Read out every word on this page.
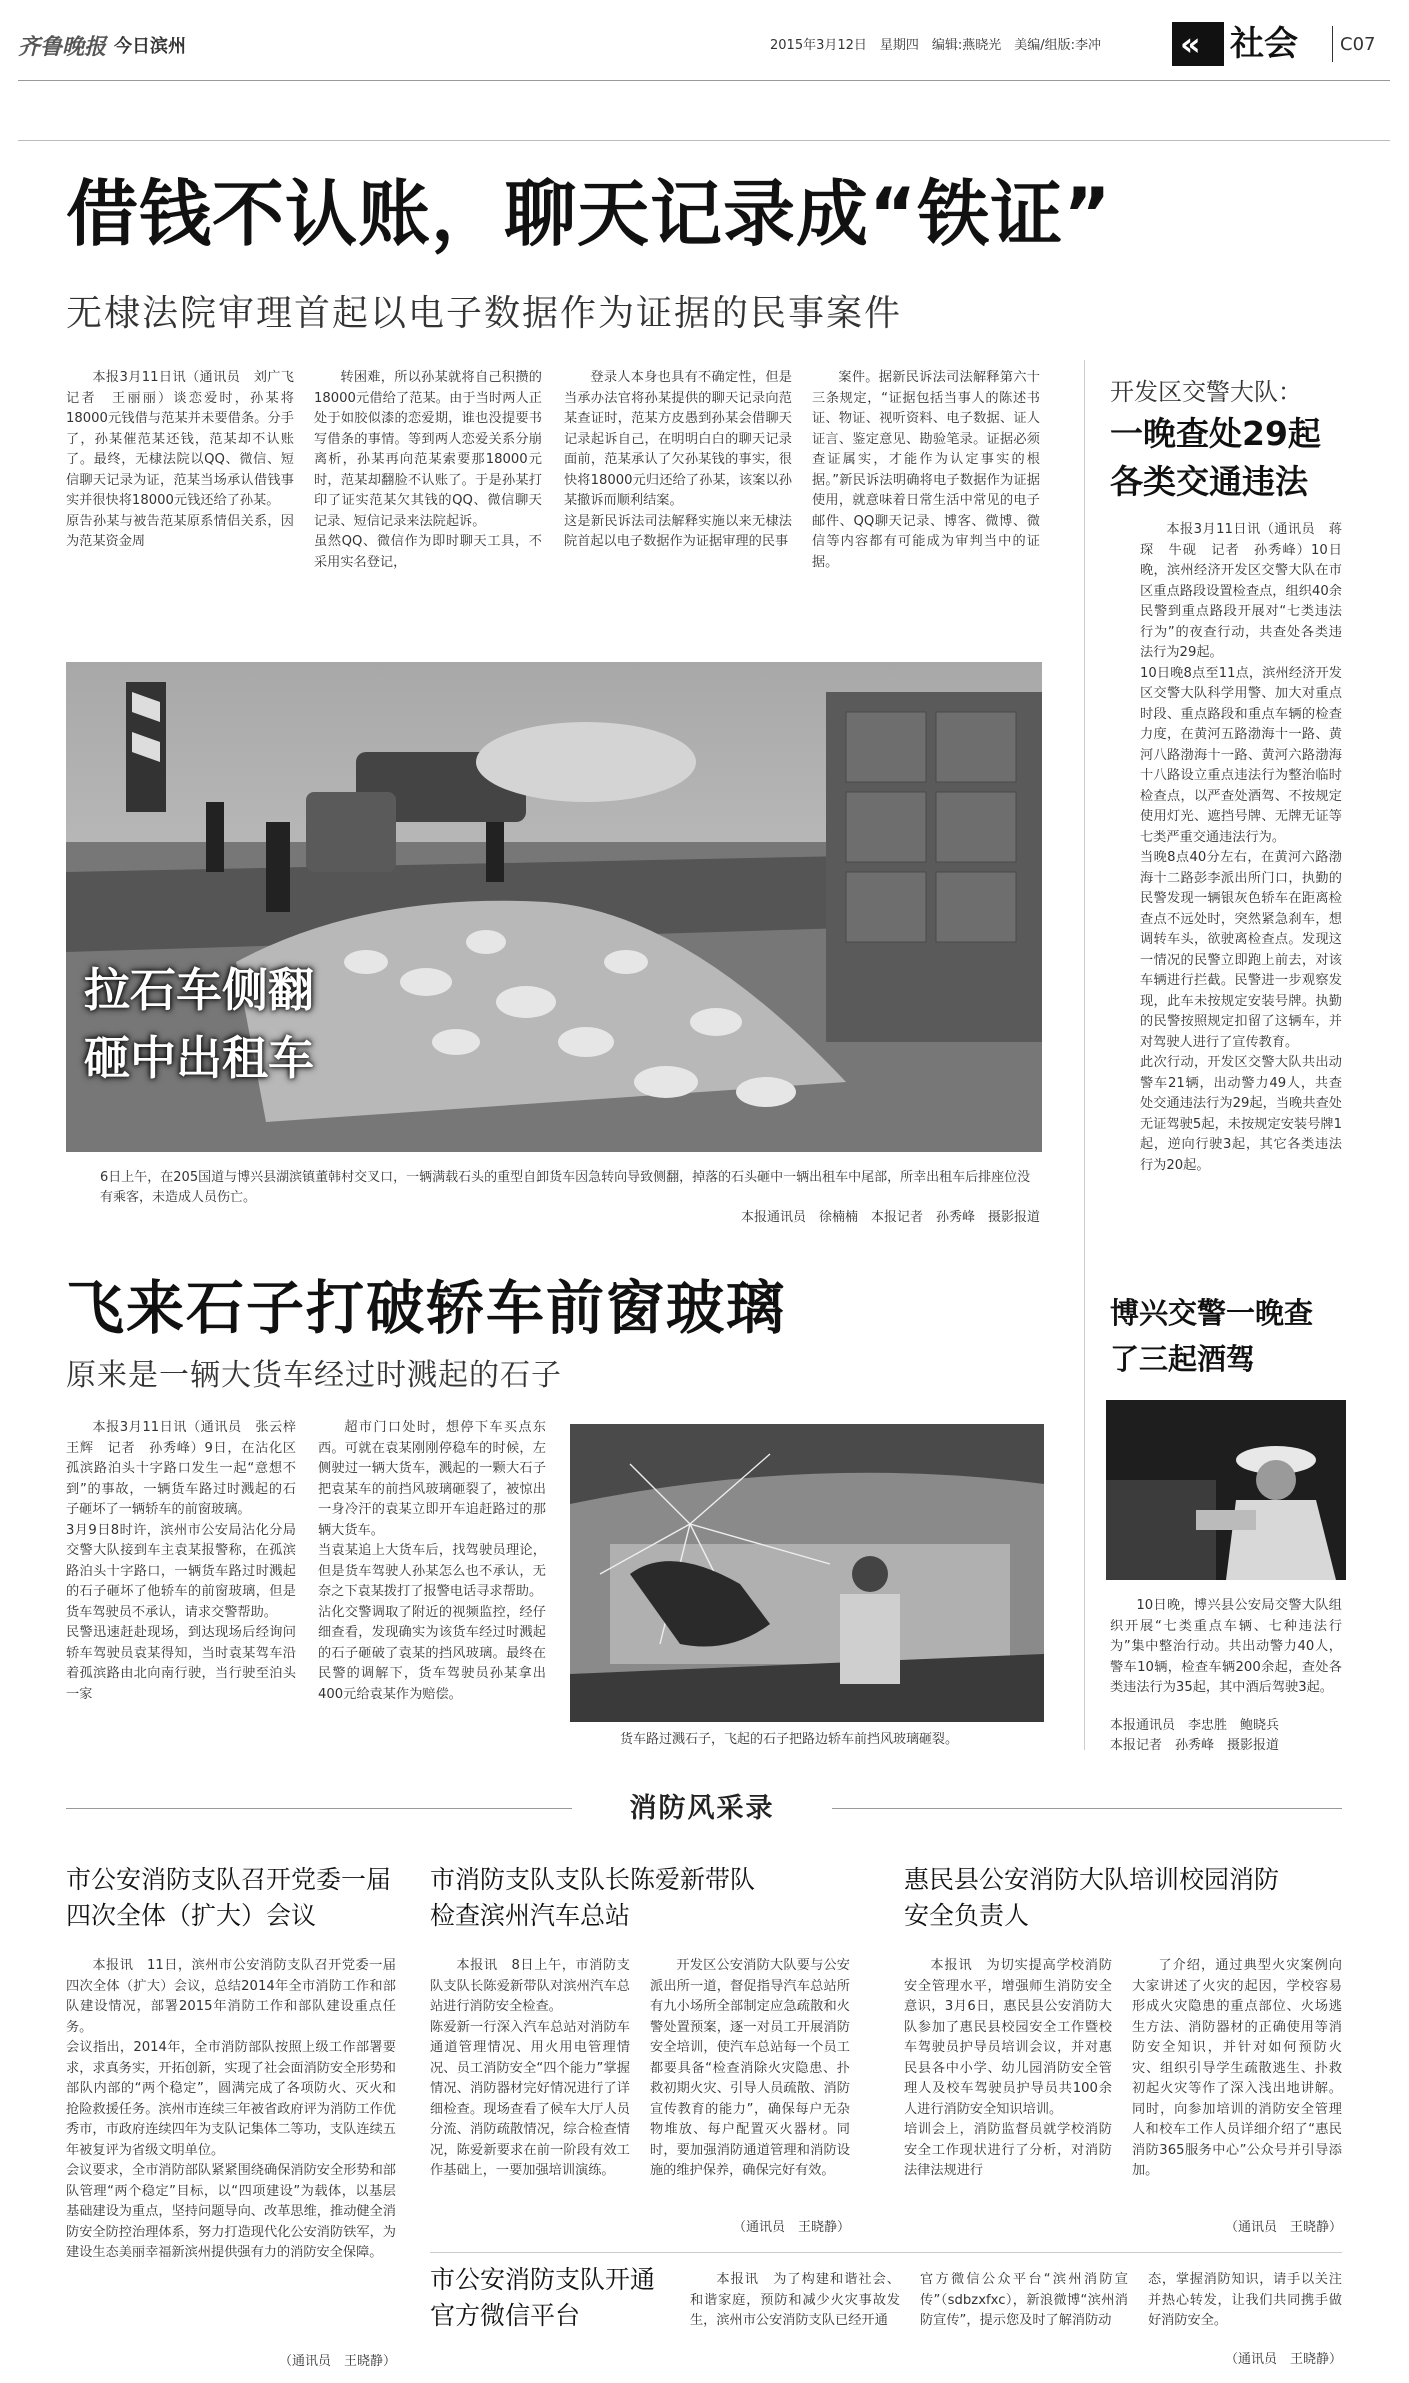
齐鲁晚报 今日滨州	2015年3月12日　星期四　编辑:燕晓光　美编/组版:李冲 « 社会 C07
借钱不认账，聊天记录成“铁证”
无棣法院审理首起以电子数据作为证据的民事案件
本报3月11日讯（通讯员　刘广飞　记者　王丽丽）谈恋爱时，孙某将18000元钱借与范某并未要借条。分手了，孙某催范某还钱，范某却不认账了。最终，无棣法院以QQ、微信、短信聊天记录为证，范某当场承认借钱事实并很快将18000元钱还给了孙某。
原告孙某与被告范某原系情侣关系，因为范某资金周
转困难，所以孙某就将自己积攒的18000元借给了范某。由于当时两人正处于如胶似漆的恋爱期，谁也没提要书写借条的事情。等到两人恋爱关系分崩离析，孙某再向范某索要那18000元时，范某却翻脸不认账了。于是孙某打印了证实范某欠其钱的QQ、微信聊天记录、短信记录来法院起诉。
虽然QQ、微信作为即时聊天工具，不采用实名登记，
登录人本身也具有不确定性，但是当承办法官将孙某提供的聊天记录向范某查证时，范某方皮愚到孙某会借聊天记录起诉自己，在明明白白的聊天记录面前，范某承认了欠孙某钱的事实，很快将18000元归还给了孙某，该案以孙某撤诉而顺利结案。
这是新民诉法司法解释实施以来无棣法院首起以电子数据作为证据审理的民事
案件。据新民诉法司法解释第六十三条规定，“证据包括当事人的陈述书证、物证、视听资料、电子数据、证人证言、鉴定意见、勘验笔录。证据必须查证属实，才能作为认定事实的根据。”新民诉法明确将电子数据作为证据使用，就意味着日常生活中常见的电子邮件、QQ聊天记录、博客、微博、微信等内容都有可能成为审判当中的证据。
开发区交警大队：
一晚查处29起各类交通违法
本报3月11日讯（通讯员　蒋琛　牛砚　记者　孙秀峰）10日晚，滨州经济开发区交警大队在市区重点路段设置检查点，组织40余民警到重点路段开展对“七类违法行为”的夜查行动，共查处各类违法行为29起。
10日晚8点至11点，滨州经济开发区交警大队科学用警、加大对重点时段、重点路段和重点车辆的检查力度，在黄河五路渤海十一路、黄河八路渤海十一路、黄河六路渤海十八路设立重点违法行为整治临时检查点，以严查处酒驾、不按规定使用灯光、遮挡号牌、无牌无证等七类严重交通违法行为。
当晚8点40分左右，在黄河六路渤海十二路彭李派出所门口，执勤的民警发现一辆银灰色轿车在距离检查点不远处时，突然紧急刹车，想调转车头，欲驶离检查点。发现这一情况的民警立即跑上前去，对该车辆进行拦截。民警进一步观察发现，此车未按规定安装号牌。执勤的民警按照规定扣留了这辆车，并对驾驶人进行了宣传教育。
此次行动，开发区交警大队共出动警车21辆，出动警力49人，共查处交通违法行为29起，当晚共查处无证驾驶5起，未按规定安装号牌1起，逆向行驶3起，其它各类违法行为20起。
拉石车侧翻
砸中出租车
6日上午，在205国道与博兴县湖滨镇董韩村交叉口，一辆满载石头的重型自卸货车因急转向导致侧翻，掉落的石头砸中一辆出租车中尾部，所幸出租车后排座位没有乘客，未造成人员伤亡。
本报通讯员　徐楠楠　本报记者　孙秀峰　摄影报道
飞来石子打破轿车前窗玻璃
原来是一辆大货车经过时溅起的石子
本报3月11日讯（通讯员　张云梓　王辉　记者　孙秀峰）9日，在沾化区孤滨路泊头十字路口发生一起“意想不到”的事故，一辆货车路过时溅起的石子砸坏了一辆轿车的前窗玻璃。
3月9日8时许，滨州市公安局沾化分局交警大队接到车主袁某报警称，在孤滨路泊头十字路口，一辆货车路过时溅起的石子砸坏了他轿车的前窗玻璃，但是货车驾驶员不承认，请求交警帮助。
民警迅速赶赴现场，到达现场后经询问轿车驾驶员袁某得知，当时袁某驾车沿着孤滨路由北向南行驶，当行驶至泊头一家
超市门口处时，想停下车买点东西。可就在袁某刚刚停稳车的时候，左侧驶过一辆大货车，溅起的一颗大石子把袁某车的前挡风玻璃砸裂了，被惊出一身冷汗的袁某立即开车追赶路过的那辆大货车。
当袁某追上大货车后，找驾驶员理论，但是货车驾驶人孙某怎么也不承认，无奈之下袁某拨打了报警电话寻求帮助。
沾化交警调取了附近的视频监控，经仔细查看，发现确实为该货车经过时溅起的石子砸破了袁某的挡风玻璃。最终在民警的调解下，货车驾驶员孙某拿出400元给袁某作为赔偿。
货车路过溅石子，飞起的石子把路边轿车前挡风玻璃砸裂。
博兴交警一晚查了三起酒驾
10日晚，博兴县公安局交警大队组织开展“七类重点车辆、七种违法行为”集中整治行动。共出动警力40人，警车10辆，检查车辆200余起，查处各类违法行为35起，其中酒后驾驶3起。
本报通讯员　李忠胜　鲍晓兵
本报记者　孙秀峰　摄影报道
消防风采录
市公安消防支队召开党委一届四次全体（扩大）会议
本报讯　11日，滨州市公安消防支队召开党委一届四次全体（扩大）会议，总结2014年全市消防工作和部队建设情况，部署2015年消防工作和部队建设重点任务。
会议指出，2014年，全市消防部队按照上级工作部署要求，求真务实，开拓创新，实现了社会面消防安全形势和部队内部的“两个稳定”，圆满完成了各项防火、灭火和抢险救援任务。滨州市连续三年被省政府评为消防工作优秀市，市政府连续四年为支队记集体二等功，支队连续五年被复评为省级文明单位。
会议要求，全市消防部队紧紧围绕确保消防安全形势和部队管理“两个稳定”目标，以“四项建设”为载体，以基层基础建设为重点，坚持问题导向、改革思维，推动健全消防安全防控治理体系，努力打造现代化公安消防铁军，为建设生态美丽幸福新滨州提供强有力的消防安全保障。
（通讯员　王晓静）
市消防支队支队长陈爱新带队检查滨州汽车总站
本报讯　8日上午，市消防支队支队长陈爱新带队对滨州汽车总站进行消防安全检查。
陈爱新一行深入汽车总站对消防车通道管理情况、用火用电管理情况、员工消防安全“四个能力”掌握情况、消防器材完好情况进行了详细检查。现场查看了候车大厅人员分流、消防疏散情况，综合检查情况，陈爱新要求在前一阶段有效工作基础上，一要加强培训演练。
开发区公安消防大队要与公安派出所一道，督促指导汽车总站所有九小场所全部制定应急疏散和火警处置预案，逐一对员工开展消防安全培训，使汽车总站每一个员工都要具备“检查消除火灾隐患、扑救初期火灾、引导人员疏散、消防宣传教育的能力”，确保每户无杂物堆放、每户配置灭火器材。同时，要加强消防通道管理和消防设施的维护保养，确保完好有效。
（通讯员　王晓静）
惠民县公安消防大队培训校园消防安全负责人
本报讯　为切实提高学校消防安全管理水平，增强师生消防安全意识，3月6日，惠民县公安消防大队参加了惠民县校园安全工作暨校车驾驶员护导员培训会议，并对惠民县各中小学、幼儿园消防安全管理人及校车驾驶员护导员共100余人进行消防安全知识培训。
培训会上，消防监督员就学校消防安全工作现状进行了分析，对消防法律法规进行
了介绍，通过典型火灾案例向大家讲述了火灾的起因，学校容易形成火灾隐患的重点部位、火场逃生方法、消防器材的正确使用等消防安全知识，并针对如何预防火灾、组织引导学生疏散逃生、扑救初起火灾等作了深入浅出地讲解。同时，向参加培训的消防安全管理人和校车工作人员详细介绍了“惠民消防365服务中心”公众号并引导添加。
（通讯员　王晓静）
市公安消防支队开通官方微信平台
本报讯　为了构建和谐社会、和谐家庭，预防和减少火灾事故发生，滨州市公安消防支队已经开通
官方微信公众平台“滨州消防宣传”（sdbzxfxc），新浪微博“滨州消防宣传”，提示您及时了解消防动
态，掌握消防知识，请手以关注并热心转发，让我们共同携手做好消防安全。
（通讯员　王晓静）
